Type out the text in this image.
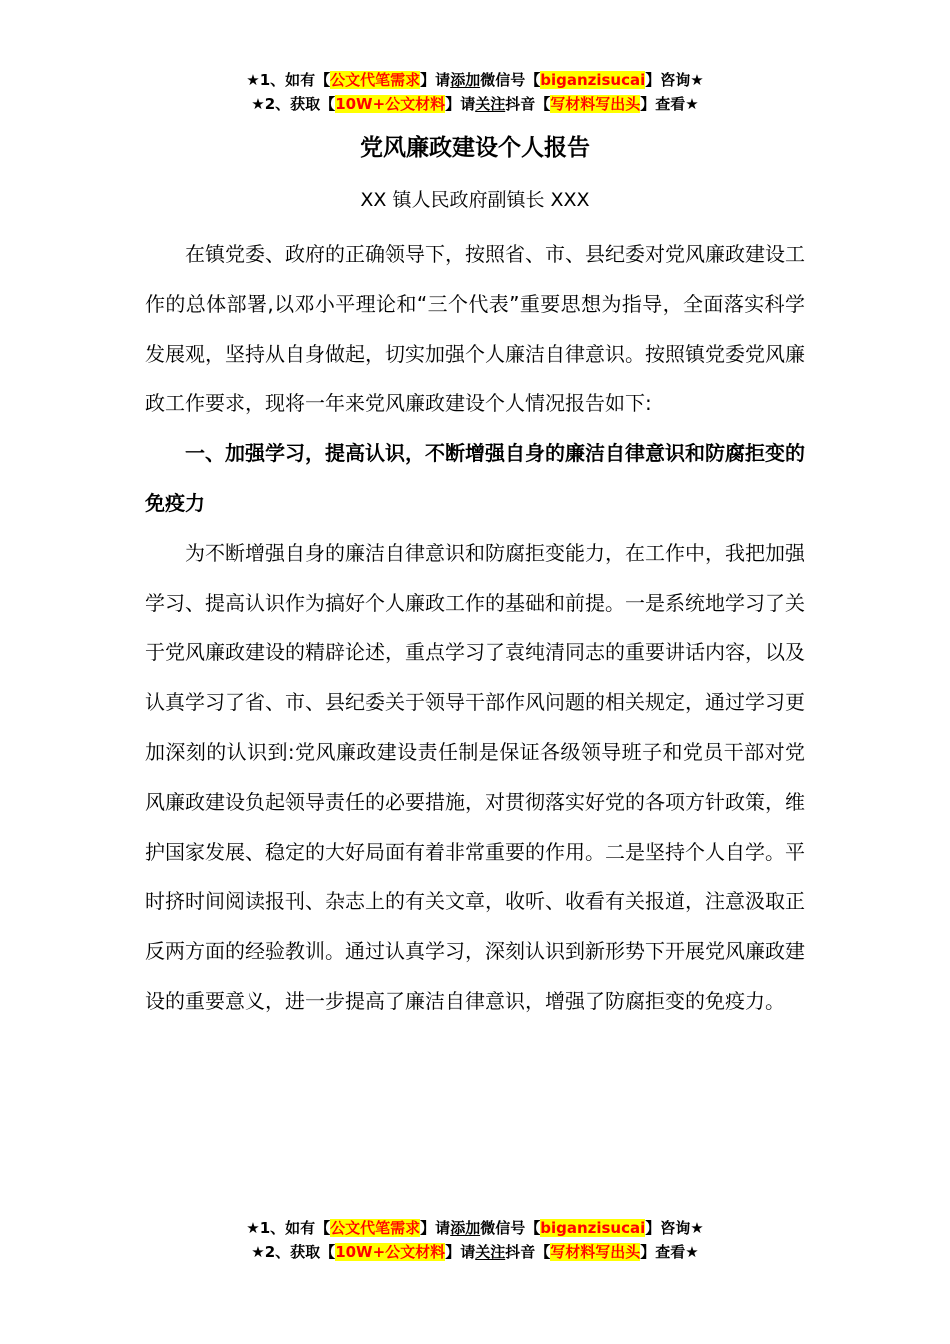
★1、如有【公文代笔需求】请添加微信号【biganzisucai】咨询★
★2、获取【10W+公文材料】请关注抖音【写材料写出头】查看★
党风廉政建设个人报告
XX 镇人民政府副镇长 XXX

在镇党委、政府的正确领导下，按照省、市、县纪委对党风廉政建设工作的总体部署,以邓小平理论和“三个代表”重要思想为指导，全面落实科学发展观，坚持从自身做起，切实加强个人廉洁自律意识。按照镇党委党风廉政工作要求，现将一年来党风廉政建设个人情况报告如下:

一、加强学习，提高认识，不断增强自身的廉洁自律意识和防腐拒变的免疫力

为不断增强自身的廉洁自律意识和防腐拒变能力，在工作中，我把加强学习、提高认识作为搞好个人廉政工作的基础和前提。一是系统地学习了关于党风廉政建设的精辟论述，重点学习了袁纯清同志的重要讲话内容，以及认真学习了省、市、县纪委关于领导干部作风问题的相关规定，通过学习更加深刻的认识到:党风廉政建设责任制是保证各级领导班子和党员干部对党风廉政建设负起领导责任的必要措施，对贯彻落实好党的各项方针政策，维护国家发展、稳定的大好局面有着非常重要的作用。二是坚持个人自学。平时挤时间阅读报刊、杂志上的有关文章，收听、收看有关报道，注意汲取正反两方面的经验教训。通过认真学习，深刻认识到新形势下开展党风廉政建设的重要意义，进一步提高了廉洁自律意识，增强了防腐拒变的免疫力。

★1、如有【公文代笔需求】请添加微信号【biganzisucai】咨询★
★2、获取【10W+公文材料】请关注抖音【写材料写出头】查看★
